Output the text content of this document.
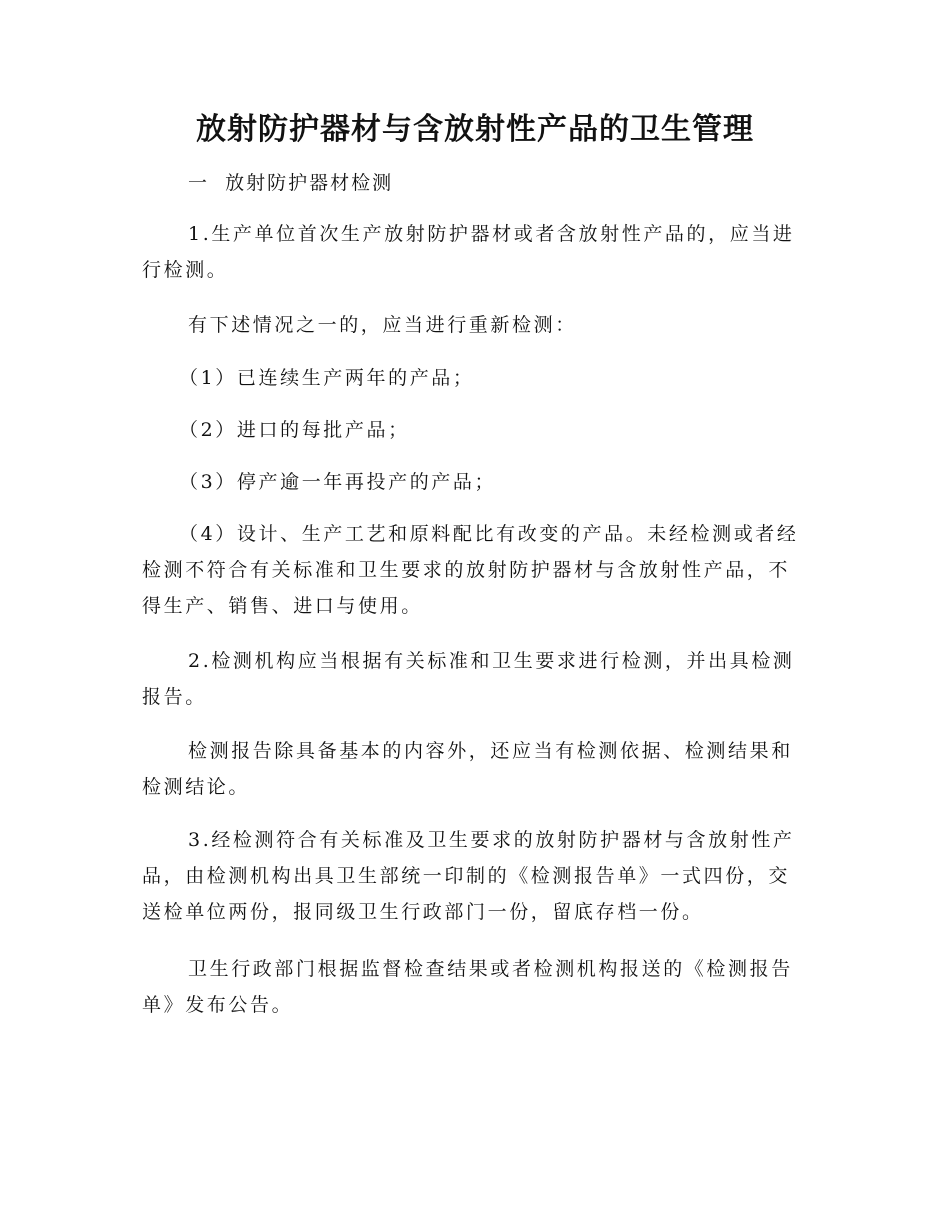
放射防护器材与含放射性产品的卫生管理
一  放射防护器材检测

1.生产单位首次生产放射防护器材或者含放射性产品的，应当进行检测。

有下述情况之一的，应当进行重新检测：

（1）已连续生产两年的产品；

（2）进口的每批产品；

（3）停产逾一年再投产的产品；

（4）设计、生产工艺和原料配比有改变的产品。未经检测或者经检测不符合有关标准和卫生要求的放射防护器材与含放射性产品，不得生产、销售、进口与使用。

2.检测机构应当根据有关标准和卫生要求进行检测，并出具检测报告。

检测报告除具备基本的内容外，还应当有检测依据、检测结果和检测结论。

3.经检测符合有关标准及卫生要求的放射防护器材与含放射性产品，由检测机构出具卫生部统一印制的《检测报告单》一式四份，交送检单位两份，报同级卫生行政部门一份，留底存档一份。

卫生行政部门根据监督检查结果或者检测机构报送的《检测报告单》发布公告。
